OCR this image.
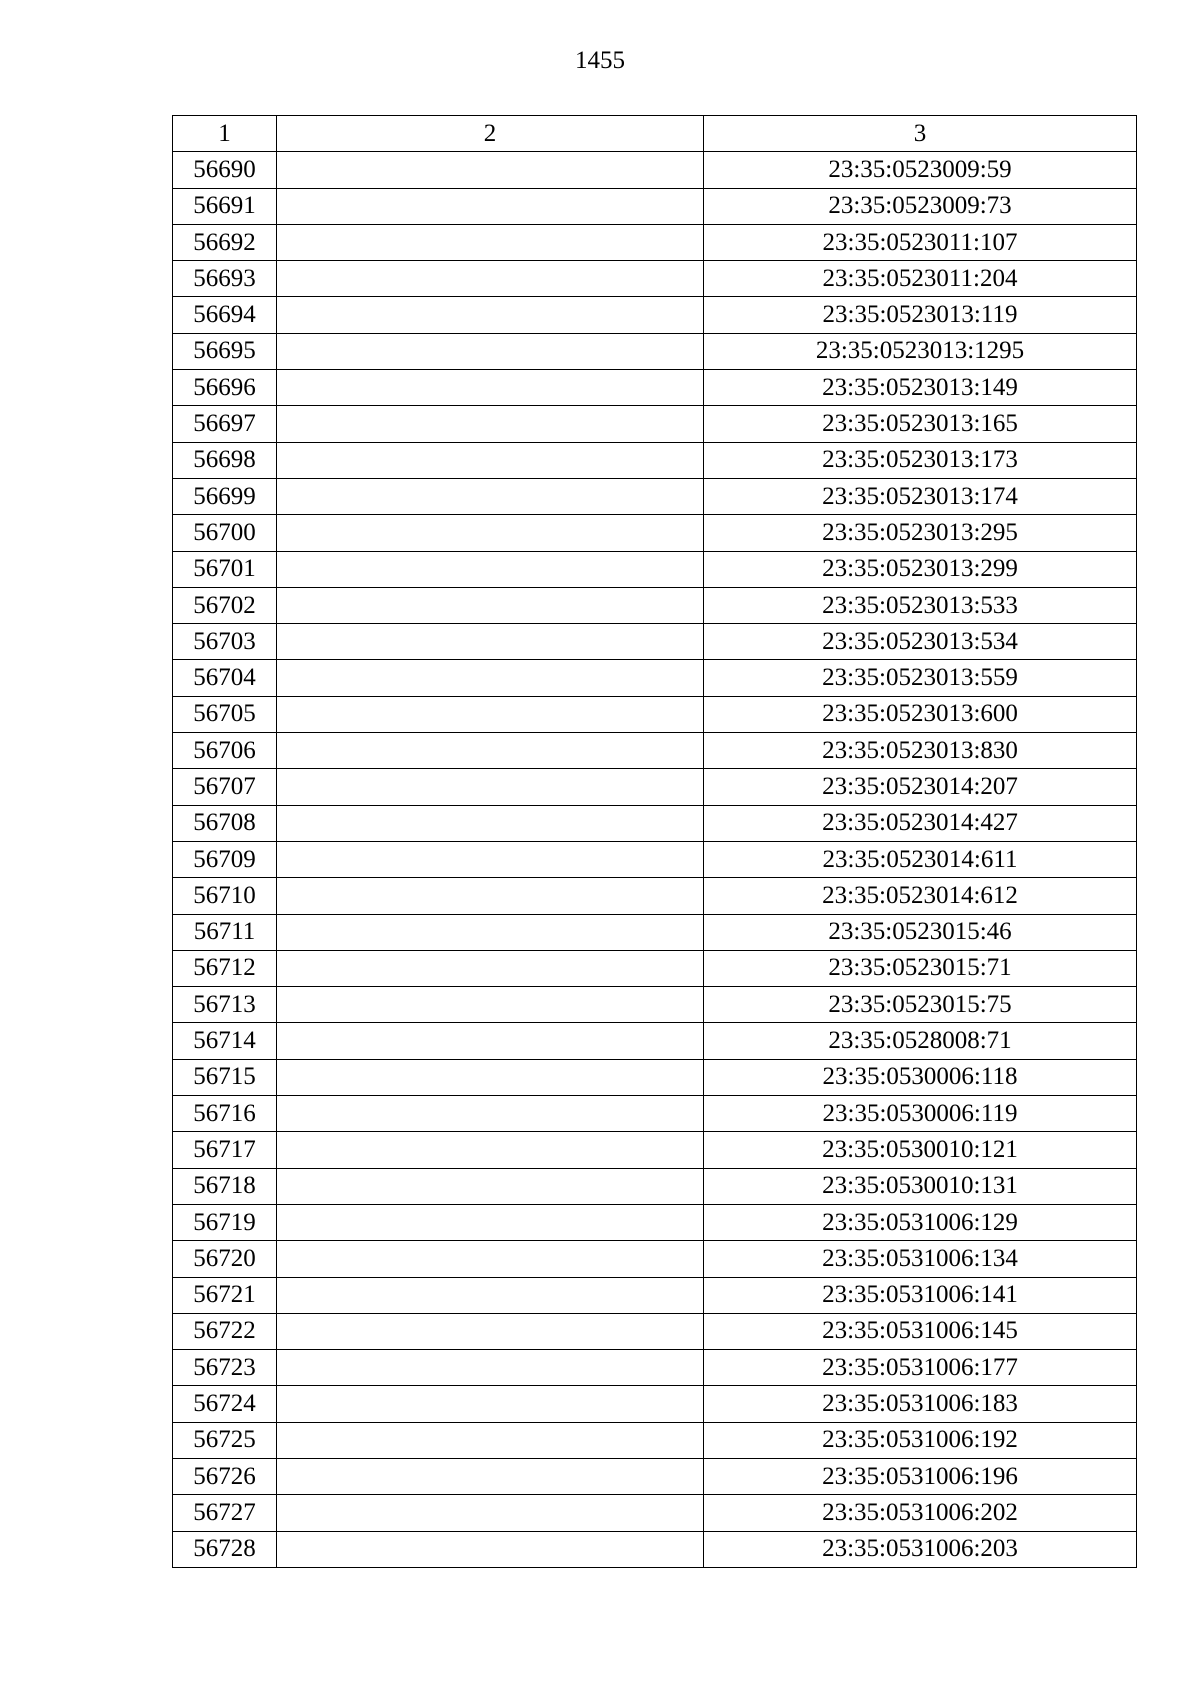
1455
1	2	3
56690		23:35:0523009:59
56691		23:35:0523009:73
56692		23:35:0523011:107
56693		23:35:0523011:204
56694		23:35:0523013:119
56695		23:35:0523013:1295
56696		23:35:0523013:149
56697		23:35:0523013:165
56698		23:35:0523013:173
56699		23:35:0523013:174
56700		23:35:0523013:295
56701		23:35:0523013:299
56702		23:35:0523013:533
56703		23:35:0523013:534
56704		23:35:0523013:559
56705		23:35:0523013:600
56706		23:35:0523013:830
56707		23:35:0523014:207
56708		23:35:0523014:427
56709		23:35:0523014:611
56710		23:35:0523014:612
56711		23:35:0523015:46
56712		23:35:0523015:71
56713		23:35:0523015:75
56714		23:35:0528008:71
56715		23:35:0530006:118
56716		23:35:0530006:119
56717		23:35:0530010:121
56718		23:35:0530010:131
56719		23:35:0531006:129
56720		23:35:0531006:134
56721		23:35:0531006:141
56722		23:35:0531006:145
56723		23:35:0531006:177
56724		23:35:0531006:183
56725		23:35:0531006:192
56726		23:35:0531006:196
56727		23:35:0531006:202
56728		23:35:0531006:203
